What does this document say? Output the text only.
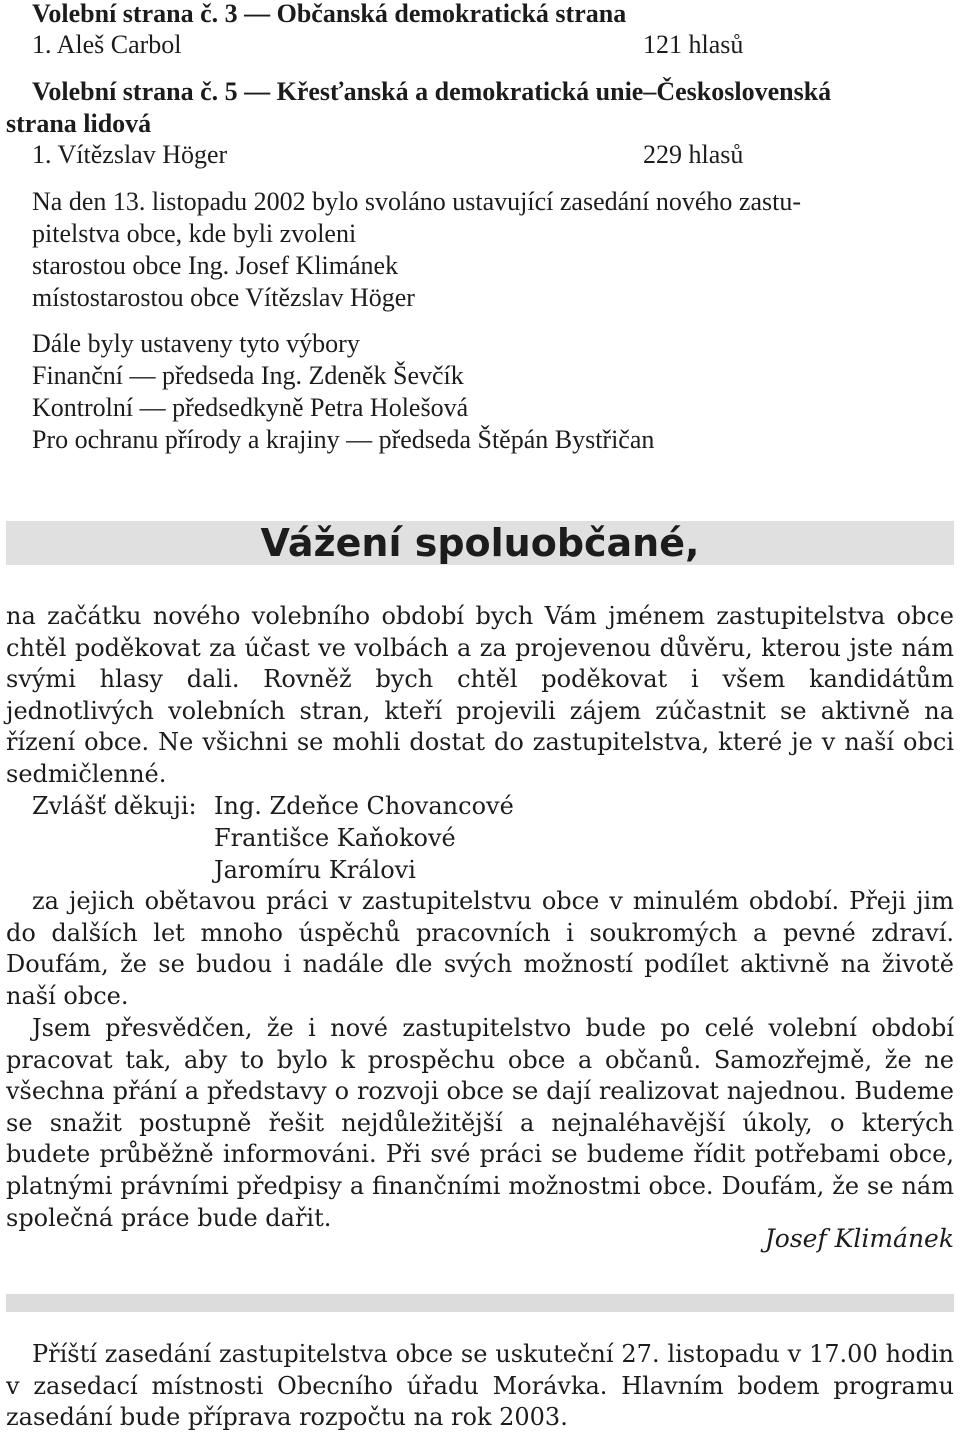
Volební strana č. 3 — Občanská demokratická strana
1. Aleš Carbol	121 hlasů
Volební strana č. 5 — Křesťanská a demokratická unie–Československá
strana lidová
1. Vítězslav Höger	229 hlasů
Na den 13. listopadu 2002 bylo svoláno ustavující zasedání nového zastu-
pitelstva obce, kde byli zvoleni
starostou obce Ing. Josef Klimánek
místostarostou obce Vítězslav Höger
Dále byly ustaveny tyto výbory
Finanční — předseda Ing. Zdeněk Ševčík
Kontrolní — předsedkyně Petra Holešová
Pro ochranu přírody a krajiny — předseda Štěpán Bystřičan
Vážení spoluobčané,

na začátku nového volebního období bych Vám jménem zastupitelstva obce chtěl poděkovat za účast ve volbách a za projevenou důvěru, kterou jste nám svými hlasy dali. Rovněž bych chtěl poděkovat i všem kandidátům jednotlivých volebních stran, kteří projevili zájem zúčastnit se aktivně na řízení obce. Ne všichni se mohli dostat do zastupitelstva, které je v naší obci sedmičlenné.

Zvlášť děkuji: Ing. Zdeňce Chovancové
Františce Kaňokové
Jaromíru Královi

za jejich obětavou práci v zastupitelstvu obce v minulém období. Přeji jim do dalších let mnoho úspěchů pracovních i soukromých a pevné zdraví. Doufám, že se budou i nadále dle svých možností podílet aktivně na životě naší obce.

Jsem přesvědčen, že i nové zastupitelstvo bude po celé volební období pracovat tak, aby to bylo k prospěchu obce a občanů. Samozřejmě, že ne všechna přání a představy o rozvoji obce se dají realizovat najednou. Budeme se snažit postupně řešit nejdůležitější a nejnaléhavější úkoly, o kterých budete průběžně informováni. Při své práci se budeme řídit potřebami obce, platnými právními předpisy a finančními možnostmi obce. Doufám, že se nám společná práce bude dařit.

Josef Klimánek

Příští zasedání zastupitelstva obce se uskuteční 27. listopadu v 17.00 hodin v zasedací místnosti Obecního úřadu Morávka. Hlavním bodem programu zasedání bude příprava rozpočtu na rok 2003.
